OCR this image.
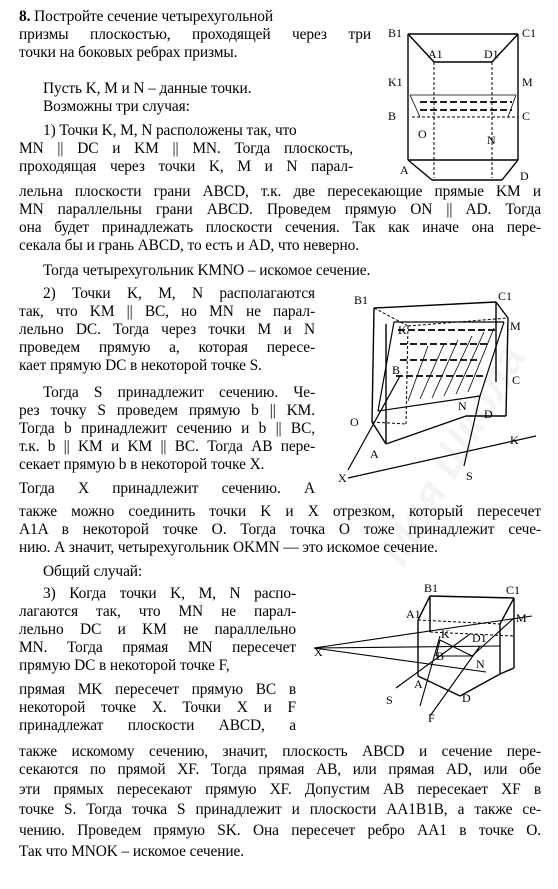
8. Постройте сечение четырехугольной
призмы плоскостью, проходящей через три
точки на боковых ребрах призмы.
Пусть K, M и N – данные точки.
Возможны три случая:
1) Точки K, M, N расположены так, что
MN || DC и KM || MN. Тогда плоскость,
проходящая через точки K, M и N парал-
лельна плоскости грани ABCD, т.к. две пересекающие прямые KM и
MN параллельны грани ABCD. Проведем прямую ON || AD. Тогда
она будет принадлежать плоскости сечения. Так как иначе она пере-
секала бы и грань ABCD, то есть и AD, что неверно.
Тогда четырехугольник KMNO – искомое сечение.
2) Точки K, M, N располагаются
так, что KM || BC, но MN не парал-
лельно DC. Тогда через точки M и N
проведем прямую a, которая пересе-
кает прямую DC в некоторой точке S.
Тогда S принадлежит сечению. Че-
рез точку S проведем прямую b || KM.
Тогда b принадлежит сечению и b || BC,
т.к. b || KM и KM || BC. Тогда AB пере-
секает прямую b в некоторой точке X.
Тогда X принадлежит сечению. А
также можно соединить точки K и X отрезком, который пересечет
A1A в некоторой точке O. Тогда точка O тоже принадлежит сече-
нию. А значит, четырехугольник OKMN — это искомое сечение.
Общий случай:
3) Когда точки K, M, N распо-
лагаются так, что MN не парал-
лельно DC и KM не параллельно
MN. Тогда прямая MN пересечет
прямую DC в некоторой точке F,
прямая MK пересечет прямую BC в
некоторой точке X. Точки X и F
принадлежат плоскости ABCD, а
также искомому сечению, значит, плоскость ABCD и сечение пере-
секаются по прямой XF. Тогда прямая AB, или прямая AD, или обе
эти прямых пересекают прямую XF. Допустим AB пересекает XF в
точке S. Тогда точка S принадлежит и плоскости AA1B1B, а также се-
чению. Проведем прямую SK. Она пересечет ребро AA1 в точке O.
Так что MNOK – искомое сечение.
B1	C1
A1	D1
K1	M
B	C
O	N
A	D
B1	C1
K	M
B
C
O
N
D
A
X	S
K
B1	C1
A1
K D1
M
X	B
N
A
S	D
F
